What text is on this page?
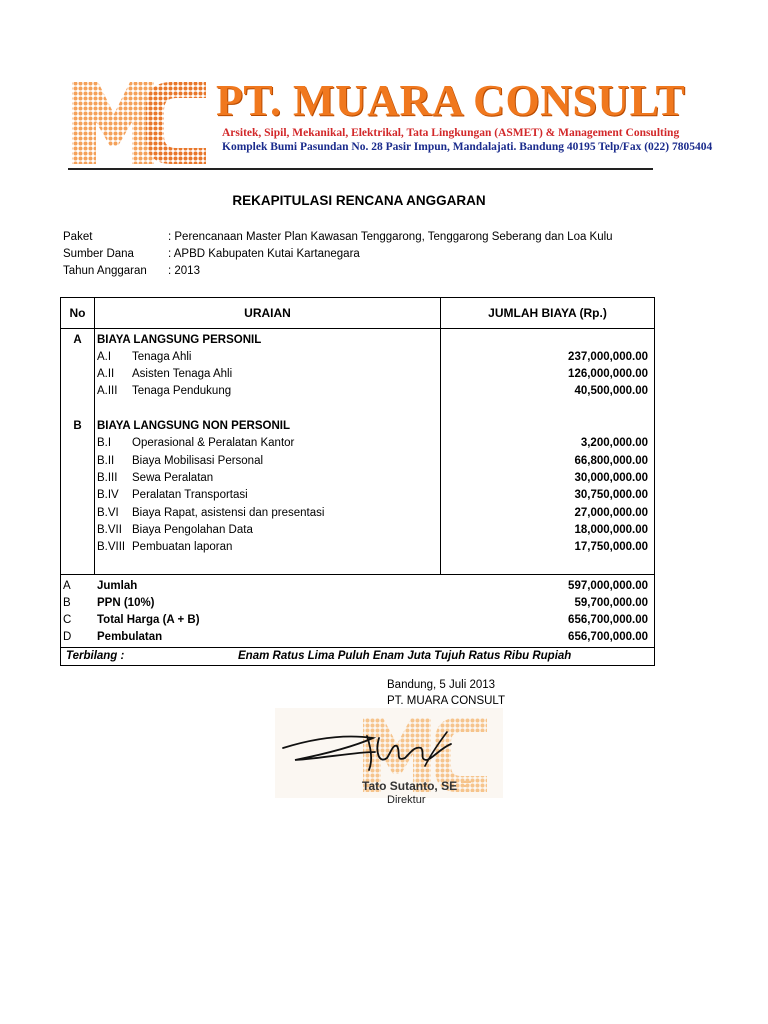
PT. MUARA CONSULT
Arsitek, Sipil, Mekanikal, Elektrikal, Tata Lingkungan (ASMET) & Management Consulting
Komplek Bumi Pasundan No. 28 Pasir Impun, Mandalajati. Bandung 40195 Telp/Fax (022) 7805404
REKAPITULASI RENCANA ANGGARAN
Paket	: Perencanaan Master Plan Kawasan Tenggarong, Tenggarong Seberang dan Loa Kulu
Sumber Dana	: APBD Kabupaten Kutai Kartanegara
Tahun Anggaran : 2013
No	URAIAN	JUMLAH BIAYA (Rp.)
A	BIAYA LANGSUNG PERSONIL
A.I Tenaga Ahli	237,000,000.00
A.II Asisten Tenaga Ahli	126,000,000.00
A.III Tenaga Pendukung	40,500,000.00
B	BIAYA LANGSUNG NON PERSONIL
B.I Operasional & Peralatan Kantor	3,200,000.00
B.II Biaya Mobilisasi Personal	66,800,000.00
B.III Sewa Peralatan	30,000,000.00
B.IV Peralatan Transportasi	30,750,000.00
B.VI Biaya Rapat, asistensi dan presentasi	27,000,000.00
B.VII Biaya Pengolahan Data	18,000,000.00
B.VIII Pembuatan laporan	17,750,000.00
A Jumlah	597,000,000.00
B PPN (10%)	59,700,000.00
C Total Harga (A + B)	656,700,000.00
D Pembulatan	656,700,000.00
Terbilang :	Enam Ratus Lima Puluh Enam Juta Tujuh Ratus Ribu Rupiah
Bandung, 5 Juli 2013
PT. MUARA CONSULT
Tato Sutanto, SE
Direktur
